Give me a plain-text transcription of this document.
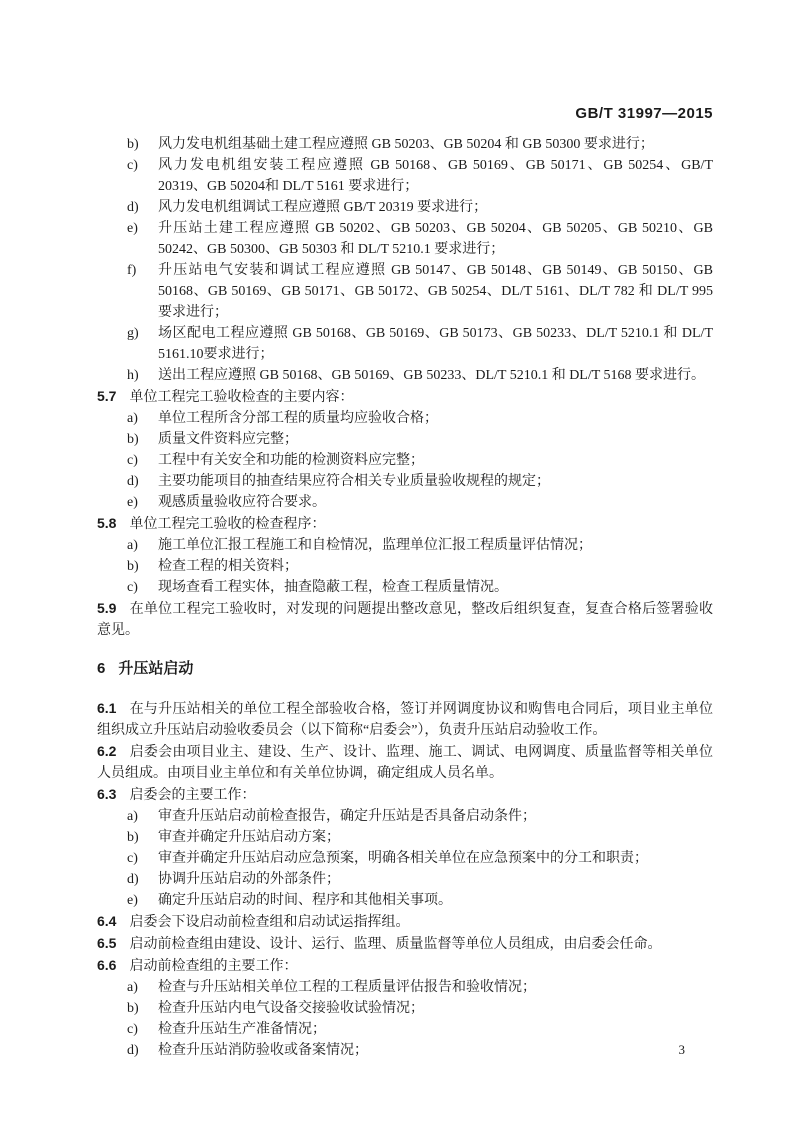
GB/T 31997—2015

b)	风力发电机组基础土建工程应遵照 GB 50203、GB 50204 和 GB 50300 要求进行；

c)	风力发电机组安装工程应遵照 GB 50168、GB 50169、GB 50171、GB 50254、GB/T 20319、GB 50204和 DL/T 5161 要求进行；

d)	风力发电机组调试工程应遵照 GB/T 20319 要求进行；

e)	升压站土建工程应遵照 GB 50202、GB 50203、GB 50204、GB 50205、GB 50210、GB 50242、GB 50300、GB 50303 和 DL/T 5210.1 要求进行；

f)	升压站电气安装和调试工程应遵照 GB 50147、GB 50148、GB 50149、GB 50150、GB 50168、GB 50169、GB 50171、GB 50172、GB 50254、DL/T 5161、DL/T 782 和 DL/T 995 要求进行；

g)	场区配电工程应遵照 GB 50168、GB 50169、GB 50173、GB 50233、DL/T 5210.1 和 DL/T 5161.10要求进行；

h)	送出工程应遵照 GB 50168、GB 50169、GB 50233、DL/T 5210.1 和 DL/T 5168 要求进行。

5.7 单位工程完工验收检查的主要内容：

a)	单位工程所含分部工程的质量均应验收合格；

b)	质量文件资料应完整；

c)	工程中有关安全和功能的检测资料应完整；

d)	主要功能项目的抽查结果应符合相关专业质量验收规程的规定；

e)	观感质量验收应符合要求。

5.8 单位工程完工验收的检查程序：

a)	施工单位汇报工程施工和自检情况，监理单位汇报工程质量评估情况；

b)	检查工程的相关资料；

c)	现场查看工程实体，抽查隐蔽工程，检查工程质量情况。

5.9 在单位工程完工验收时，对发现的问题提出整改意见，整改后组织复查，复查合格后签署验收意见。

6 升压站启动

6.1 在与升压站相关的单位工程全部验收合格，签订并网调度协议和购售电合同后，项目业主单位组织成立升压站启动验收委员会（以下简称“启委会”），负责升压站启动验收工作。

6.2 启委会由项目业主、建设、生产、设计、监理、施工、调试、电网调度、质量监督等相关单位人员组成。由项目业主单位和有关单位协调，确定组成人员名单。

6.3 启委会的主要工作：

a)	审查升压站启动前检查报告，确定升压站是否具备启动条件；

b)	审查并确定升压站启动方案；

c)	审查并确定升压站启动应急预案，明确各相关单位在应急预案中的分工和职责；

d)	协调升压站启动的外部条件；

e)	确定升压站启动的时间、程序和其他相关事项。

6.4 启委会下设启动前检查组和启动试运指挥组。

6.5 启动前检查组由建设、设计、运行、监理、质量监督等单位人员组成，由启委会任命。

6.6 启动前检查组的主要工作：

a)	检查与升压站相关单位工程的工程质量评估报告和验收情况；

b)	检查升压站内电气设备交接验收试验情况；

c)	检查升压站生产准备情况；

d)	检查升压站消防验收或备案情况；	3
